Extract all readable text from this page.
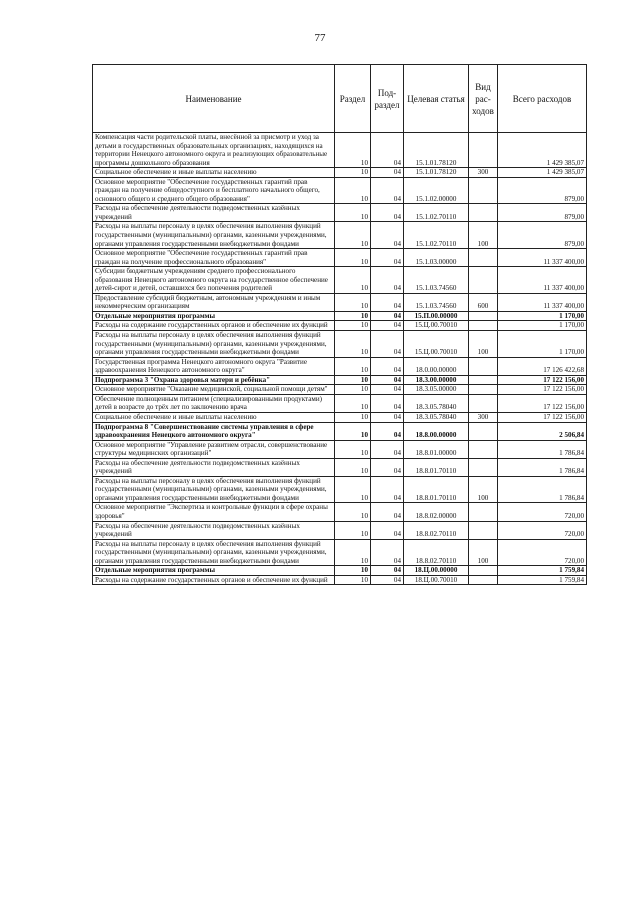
77
Наименование	Раздел	Под-раздел	Целевая статья	Вид рас-ходов	Всего расходов
Компенсация части родительской платы, внесённой за присмотр и уход за детьми в государственных образовательных организациях, находящихся на территории Ненецкого автономного округа и реализующих образовательные программы дошкольного образования	10	04	15.1.01.78120		1 429 385,07
Социальное обеспечение и иные выплаты населению	10	04	15.1.01.78120	300	1 429 385,07
Основное мероприятие "Обеспечение государственных гарантий прав граждан на получение общедоступного и бесплатного начального общего, основного общего и среднего общего образования"	10	04	15.1.02.00000		879,00
Расходы на обеспечение деятельности подведомственных казённых учреждений	10	04	15.1.02.70110		879,00
Расходы на выплаты персоналу в целях обеспечения выполнения функций государственными (муниципальными) органами, казенными учреждениями, органами управления государственными внебюджетными фондами	10	04	15.1.02.70110	100	879,00
Основное мероприятие "Обеспечение государственных гарантий прав граждан на получение профессионального образования"	10	04	15.1.03.00000		11 337 400,00
Субсидии бюджетным учреждениям среднего профессионального образования Ненецкого автономного округа на государственное обеспечение детей-сирот и детей, оставшихся без попечения родителей	10	04	15.1.03.74560		11 337 400,00
Предоставление субсидий бюджетным, автономным учреждениям и иным некоммерческим организациям	10	04	15.1.03.74560	600	11 337 400,00
Отдельные мероприятия программы	10	04	15.П.00.00000		1 170,00
Расходы на содержание государственных органов и обеспечение их функций	10	04	15.Ц.00.70010		1 170,00
Расходы на выплаты персоналу в целях обеспечения выполнения функций государственными (муниципальными) органами, казенными учреждениями, органами управления государственными внебюджетными фондами	10	04	15.Ц.00.70010	100	1 170,00
Государственная программа Ненецкого автономного округа "Развитие здравоохранения Ненецкого автономного округа"	10	04	18.0.00.00000		17 126 422,68
Подпрограмма 3 "Охрана здоровья матери и ребёнка"	10	04	18.3.00.00000		17 122 156,00
Основное мероприятие "Оказание медицинской, социальной помощи детям"	10	04	18.3.05.00000		17 122 156,00
Обеспечение полноценным питанием (специализированными продуктами) детей в возрасте до трёх лет по заключению врача	10	04	18.3.05.78040		17 122 156,00
Социальное обеспечение и иные выплаты населению	10	04	18.3.05.78040	300	17 122 156,00
Подпрограмма 8 "Совершенствование системы управления в сфере здравоохранения Ненецкого автономного округа"	10	04	18.8.00.00000		2 506,84
Основное мероприятие "Управление развитием отрасли, совершенствование структуры медицинских организаций"	10	04	18.8.01.00000		1 786,84
Расходы на обеспечение деятельности подведомственных казённых учреждений	10	04	18.8.01.70110		1 786,84
Расходы на выплаты персоналу в целях обеспечения выполнения функций государственными (муниципальными) органами, казенными учреждениями, органами управления государственными внебюджетными фондами	10	04	18.8.01.70110	100	1 786,84
Основное мероприятие "Экспертиза и контрольные функции в сфере охраны здоровья"	10	04	18.8.02.00000		720,00
Расходы на обеспечение деятельности подведомственных казённых учреждений	10	04	18.8.02.70110		720,00
Расходы на выплаты персоналу в целях обеспечения выполнения функций государственными (муниципальными) органами, казенными учреждениями, органами управления государственными внебюджетными фондами	10	04	18.8.02.70110	100	720,00
Отдельные мероприятия программы	10	04	18.Ц.00.00000		1 759,84
Расходы на содержание государственных органов и обеспечение их функций	10	04	18.Ц.00.70010		1 759,84
